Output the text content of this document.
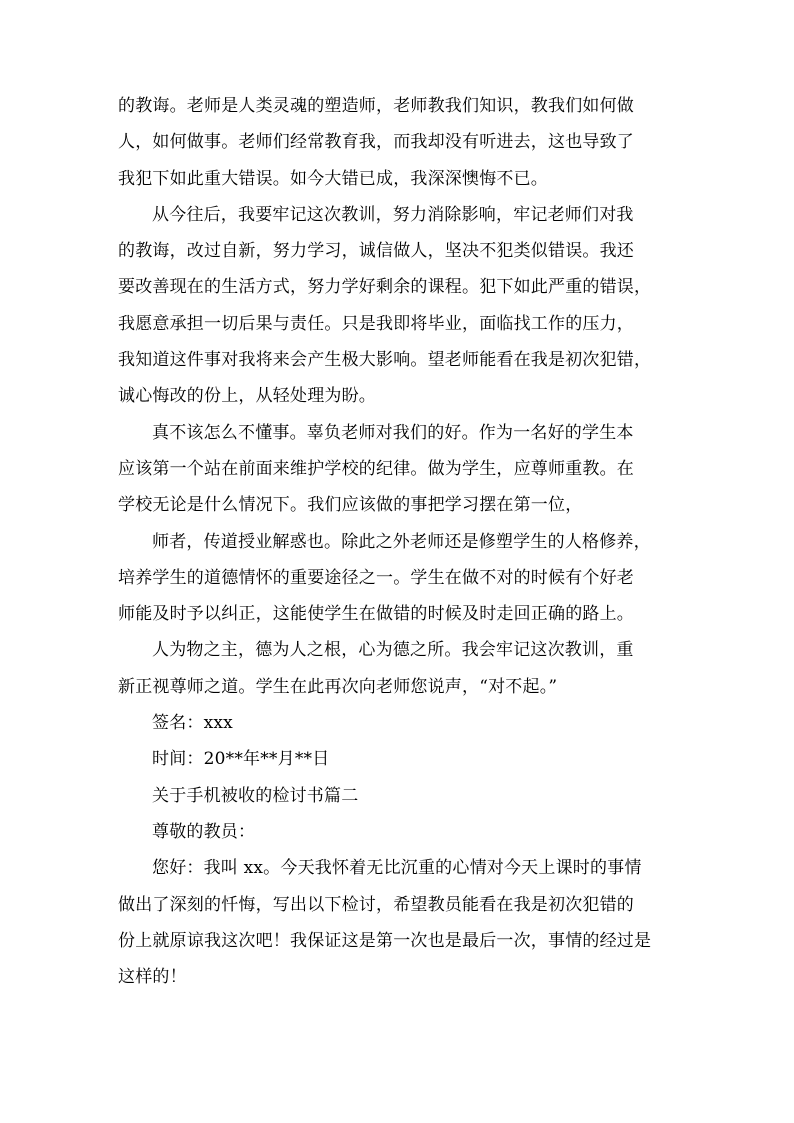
的教诲。老师是人类灵魂的塑造师，老师教我们知识，教我们如何做
人，如何做事。老师们经常教育我，而我却没有听进去，这也导致了
我犯下如此重大错误。如今大错已成，我深深懊悔不已。

从今往后，我要牢记这次教训，努力消除影响，牢记老师们对我
的教诲，改过自新，努力学习，诚信做人，坚决不犯类似错误。我还
要改善现在的生活方式，努力学好剩余的课程。犯下如此严重的错误，
我愿意承担一切后果与责任。只是我即将毕业，面临找工作的压力，
我知道这件事对我将来会产生极大影响。望老师能看在我是初次犯错，
诚心悔改的份上，从轻处理为盼。

真不该怎么不懂事。辜负老师对我们的好。作为一名好的学生本
应该第一个站在前面来维护学校的纪律。做为学生，应尊师重教。在
学校无论是什么情况下。我们应该做的事把学习摆在第一位，

师者，传道授业解惑也。除此之外老师还是修塑学生的人格修养，
培养学生的道德情怀的重要途径之一。学生在做不对的时候有个好老
师能及时予以纠正，这能使学生在做错的时候及时走回正确的路上。

人为物之主，德为人之根，心为德之所。我会牢记这次教训，重
新正视尊师之道。学生在此再次向老师您说声，“对不起。”

签名：xxx

时间：20**年**月**日

关于手机被收的检讨书篇二

尊敬的教员：

您好：我叫 xx。今天我怀着无比沉重的心情对今天上课时的事情
做出了深刻的忏悔，写出以下检讨，希望教员能看在我是初次犯错的
份上就原谅我这次吧！我保证这是第一次也是最后一次，事情的经过是
这样的！
